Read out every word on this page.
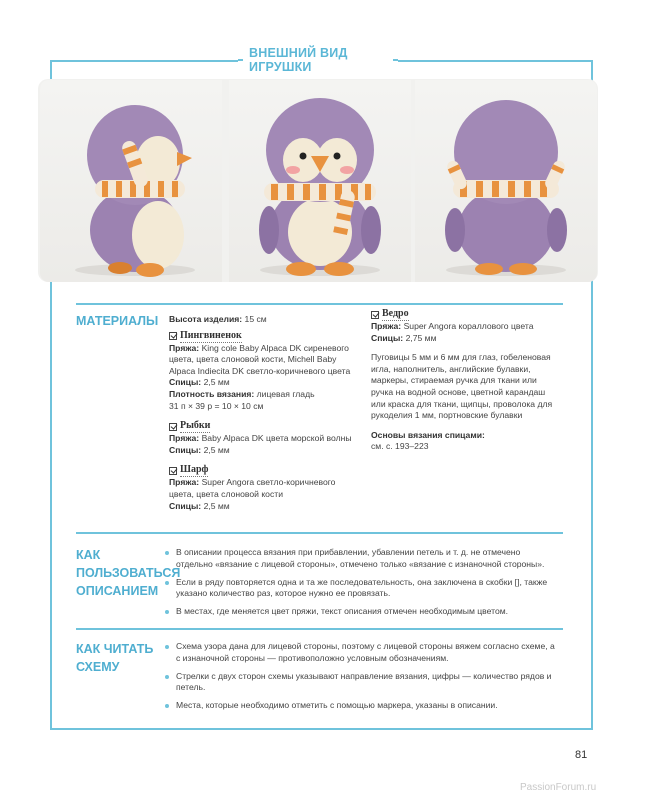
ВНЕШНИЙ ВИД ИГРУШКИ
МАТЕРИАЛЫ Высота изделия: 15 см

Пингвиненок

Пряжа: King cole Baby Alpaca DK сиреневого цвета, цвета слоновой кости, Michell Baby Alpaca Indiecita DK светло-коричневого цвета

Спицы: 2,5 мм

Плотность вязания: лицевая гладь

31 п × 39 р = 10 × 10 см

Рыбки

Пряжа: Baby Alpaca DK цвета морской волны

Спицы: 2,5 мм

Шарф

Пряжа: Super Angora светло-коричневого цвета, цвета слоновой кости

Спицы: 2,5 мм

Ведро

Пряжа: Super Angora кораллового цвета

Спицы: 2,75 мм

Пуговицы 5 мм и 6 мм для глаз, гобеленовая игла, наполнитель, английские булавки, маркеры, стираемая ручка для ткани или ручка на водной основе, цветной карандаш или краска для ткани, щипцы, проволока для рукоделия 1 мм, портновские булавки

Основы вязания спицами:

см. с. 193–223

КАК
ПОЛЬЗОВАТЬСЯ
ОПИСАНИЕМ
В описании процесса вязания при прибавлении, убавлении петель и т. д. не отмечено отдельно «вязание с лицевой стороны», отмечено только «вязание с изнаночной стороны».
Если в ряду повторяется одна и та же последовательность, она заключена в скобки [], также указано количество раз, которое нужно ее провязать.
В местах, где меняется цвет пряжи, текст описания отмечен необходимым цветом.
КАК ЧИТАТЬ
СХЕМУ
Схема узора дана для лицевой стороны, поэтому с лицевой стороны вяжем согласно схеме, а с изнаночной стороны — противоположно условным обозначениям.
Стрелки с двух сторон схемы указывают направление вязания, цифры — количество рядов и петель.
Места, которые необходимо отметить с помощью маркера, указаны в описании.
81
PassionForum.ru
